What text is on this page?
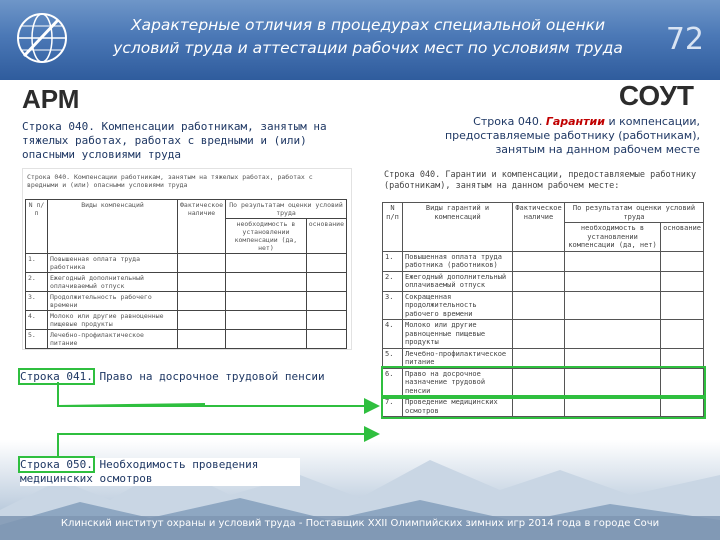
Характерные отличия в процедурах специальной оценки
условий труда и аттестации рабочих мест по условиям труда	72
АРМ	СОУТ
Строка 040. Компенсации работникам, занятым на тяжелых работах, работах с вредными и (или) опасными условиями труда
Строка 040. Гарантии и компенсации, предоставляемые работнику (работникам), занятым на данном рабочем месте
Строка 040. Компенсации работникам, занятым на тяжелых работах, работах с вредными и (или) опасными условиями труда
N п/п	Виды компенсаций	Фактическое наличие	По результатам оценки условий труда	
			необходимость в установлении компенсации (да, нет)	основание
1.	Повышенная оплата труда работника			
2.	Ежегодный дополнительный оплачиваемый отпуск			
3.	Продолжительность рабочего времени			
4.	Молоко или другие равноценные пищевые продукты			
5.	Лечебно-профилактическое питание			
Строка 040. Гарантии и компенсации, предоставляемые работнику (работникам), занятым на данном рабочем месте:
N п/п	Виды гарантий и компенсаций	Фактическое наличие	По результатам оценки условий труда	
			необходимость в установлении компенсации (да, нет)	основание
1.	Повышенная оплата труда работника (работников)			
2.	Ежегодный дополнительный оплачиваемый отпуск			
3.	Сокращенная продолжительность рабочего времени			
4.	Молоко или другие равноценные пищевые продукты			
5.	Лечебно-профилактическое питание			
6.	Право на досрочное назначение трудовой пенсии			
7.	Проведение медицинских осмотров			
Строка 041. Право на досрочное трудовой пенсии
Строка 050. Необходимость проведения медицинских осмотров
Клинский институт охраны и условий труда - Поставщик XXII Олимпийских зимних игр 2014 года в городе Сочи
